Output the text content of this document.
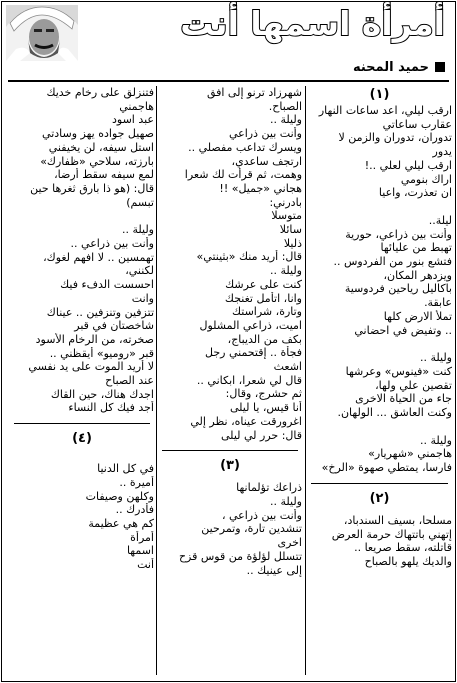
أمرأة اسمها أنت
حميد المحنه
(١)
ارقب ليلي، اعد ساعات النهار
عقارب ساعاتي
تدوران، تدوران والزمن لا
يدور
ارقب ليلي لعلي ..!
اراك بنومي
ان تعذرت، واعيا
ليلة..
وأنت بين ذراعي، حورية
تهبط من عليائها
فتشع بنور من الفردوس ..
ويزدهر المكان،
باكاليل رياحين فردوسية
عابقة.
تملأ الارض كلها
.. وتفيض في احضاني
وليلة ..
كنت «فينوس» وعرشها
تقصين علي ولها،
جاء من الحياة الاخرى
وكنت العاشق ... الولهان.
وليلة ..
هاجمني «شهريار»
فارسا، يمتطي صهوة «الرخ»
(٢)
مسلحا، بسيف السندباد،
إتهني باتتهاك حرمة العرض
قاتلته، سقط صريعا ..
والديك يلهو بالصباح
شهرزاد ترنو إلى افق
الصباح.
وليلة ..
وأنت بين ذراعي
ويسرك تداعب مفصلي ..
ارتجف ساعدي،
وهمت، ثم قرأت لك شعرا
هجاني «جميل» !!
بادرني:
متوسلا
سائلا
ذليلا
قال: أريد منك «بثينتي»
وليلة ..
كنت على عرشك
وانا، اتأمل تغنجك
وتارة، شراستك
اميت، ذراعي المشلول
بكف من الديباج،
فجأة .. إقتحمني رجل
اشعث
قال لي شعرا، ابكاني ..
ثم حشرج، وقال:
أنا قيس، يا ليلى
اغرورقت عيناه، نظر إلي
قال: حرر لي ليلى
(٣)
ذراعك تؤلمانها
وليلة ..
وأنت بين ذراعي ،
تنشدين تارة، وتمرحين
اخرى
تتسلل لؤلؤة من قوس قزح
إلى عينيك ..
فتنزلق على رخام خديك
هاجمني
عبد اسود
صهيل جواده يهز وسادتي
استل سيفه، لن يخيفني
بارزته، سلاحي «ظفارك»
لمع سيفه سقط أرضا،
قال: (هو ذا بارق ثغرها حين
تبسم)
وليلة ..
وأنت بين ذراعي ..
تهمسين .. لا افهم لغوك،
لكنني،
احسست الدفء فيك
وانت
تتزفين وتنزفين .. عيناك
شاخصتان في قبر
صخرته، من الرخام الأسود
قبر «روميو» أيقظني ..
لا أريد الموت على يد نفسي
عند الصباح
اجدك هناك، حين القاك
أجد فيك كل النساء
(٤)
في كل الدنيا
أميرة ..
وكلهن وصيفات
فأدرك ..
كم هي عظيمة
أمرأة
اسمها
أنت
